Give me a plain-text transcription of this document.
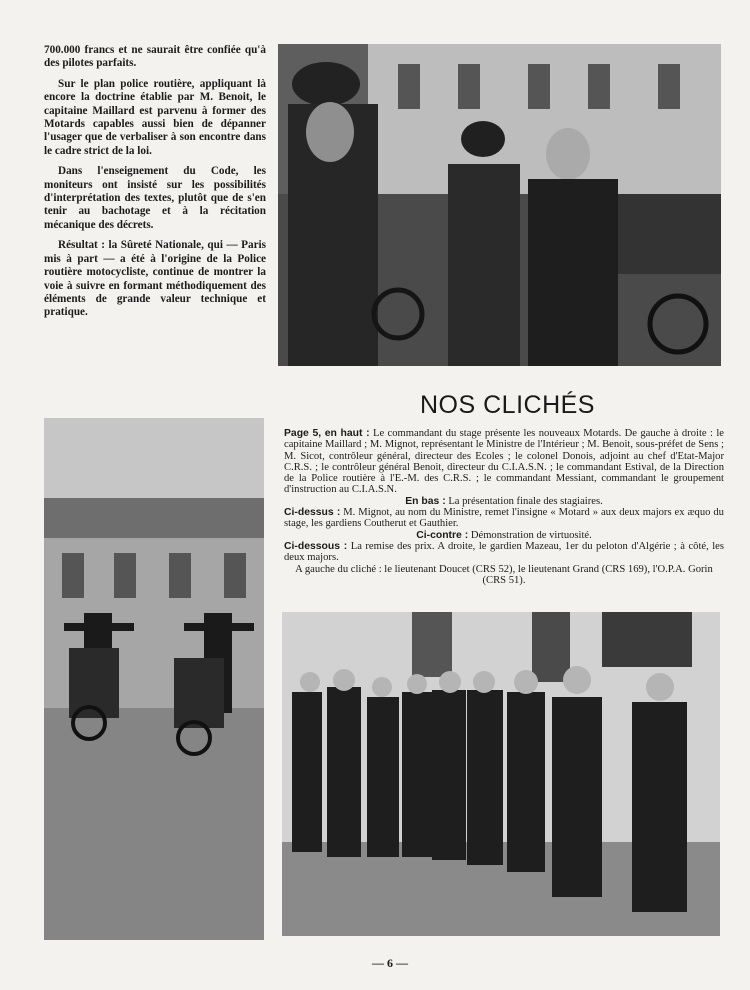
700.000 francs et ne saurait être confiée qu'à des pilotes parfaits.

Sur le plan police routière, appliquant là encore la doctrine établie par M. Benoit, le capitaine Maillard est parvenu à former des Motards capables aussi bien de dépanner l'usager que de verbaliser à son encontre dans le cadre strict de la loi.

Dans l'enseignement du Code, les moniteurs ont insisté sur les possibilités d'interprétation des textes, plutôt que de s'en tenir au bachotage et à la récitation mécanique des décrets.

Résultat : la Sûreté Nationale, qui — Paris mis à part — a été à l'origine de la Police routière motocycliste, continue de montrer la voie à suivre en formant méthodiquement des éléments de grande valeur technique et pratique.

NOS CLICHÉS

Page 5, en haut : Le commandant du stage présente les nouveaux Motards. De gauche à droite : le capitaine Maillard ; M. Mignot, représentant le Ministre de l'Intérieur ; M. Benoit, sous-préfet de Sens ; M. Sicot, contrôleur général, directeur des Ecoles ; le colonel Donois, adjoint au chef d'Etat-Major C.R.S. ; le contrôleur général Benoit, directeur du C.I.A.S.N. ; le commandant Estival, de la Direction de la Police routière à l'E.-M. des C.R.S. ; le commandant Messiant, commandant le groupement d'instruction au C.I.A.S.N.

En bas : La présentation finale des stagiaires.

Ci-dessus : M. Mignot, au nom du Ministre, remet l'insigne « Motard » aux deux majors ex æquo du stage, les gardiens Coutherut et Gauthier.

Ci-contre : Démonstration de virtuosité.

Ci-dessous : La remise des prix. A droite, le gardien Mazeau, 1er du peloton d'Algérie ; à côté, les deux majors.

A gauche du cliché : le lieutenant Doucet (CRS 52), le lieutenant Grand (CRS 169), l'O.P.A. Gorin (CRS 51).

— 6 —
